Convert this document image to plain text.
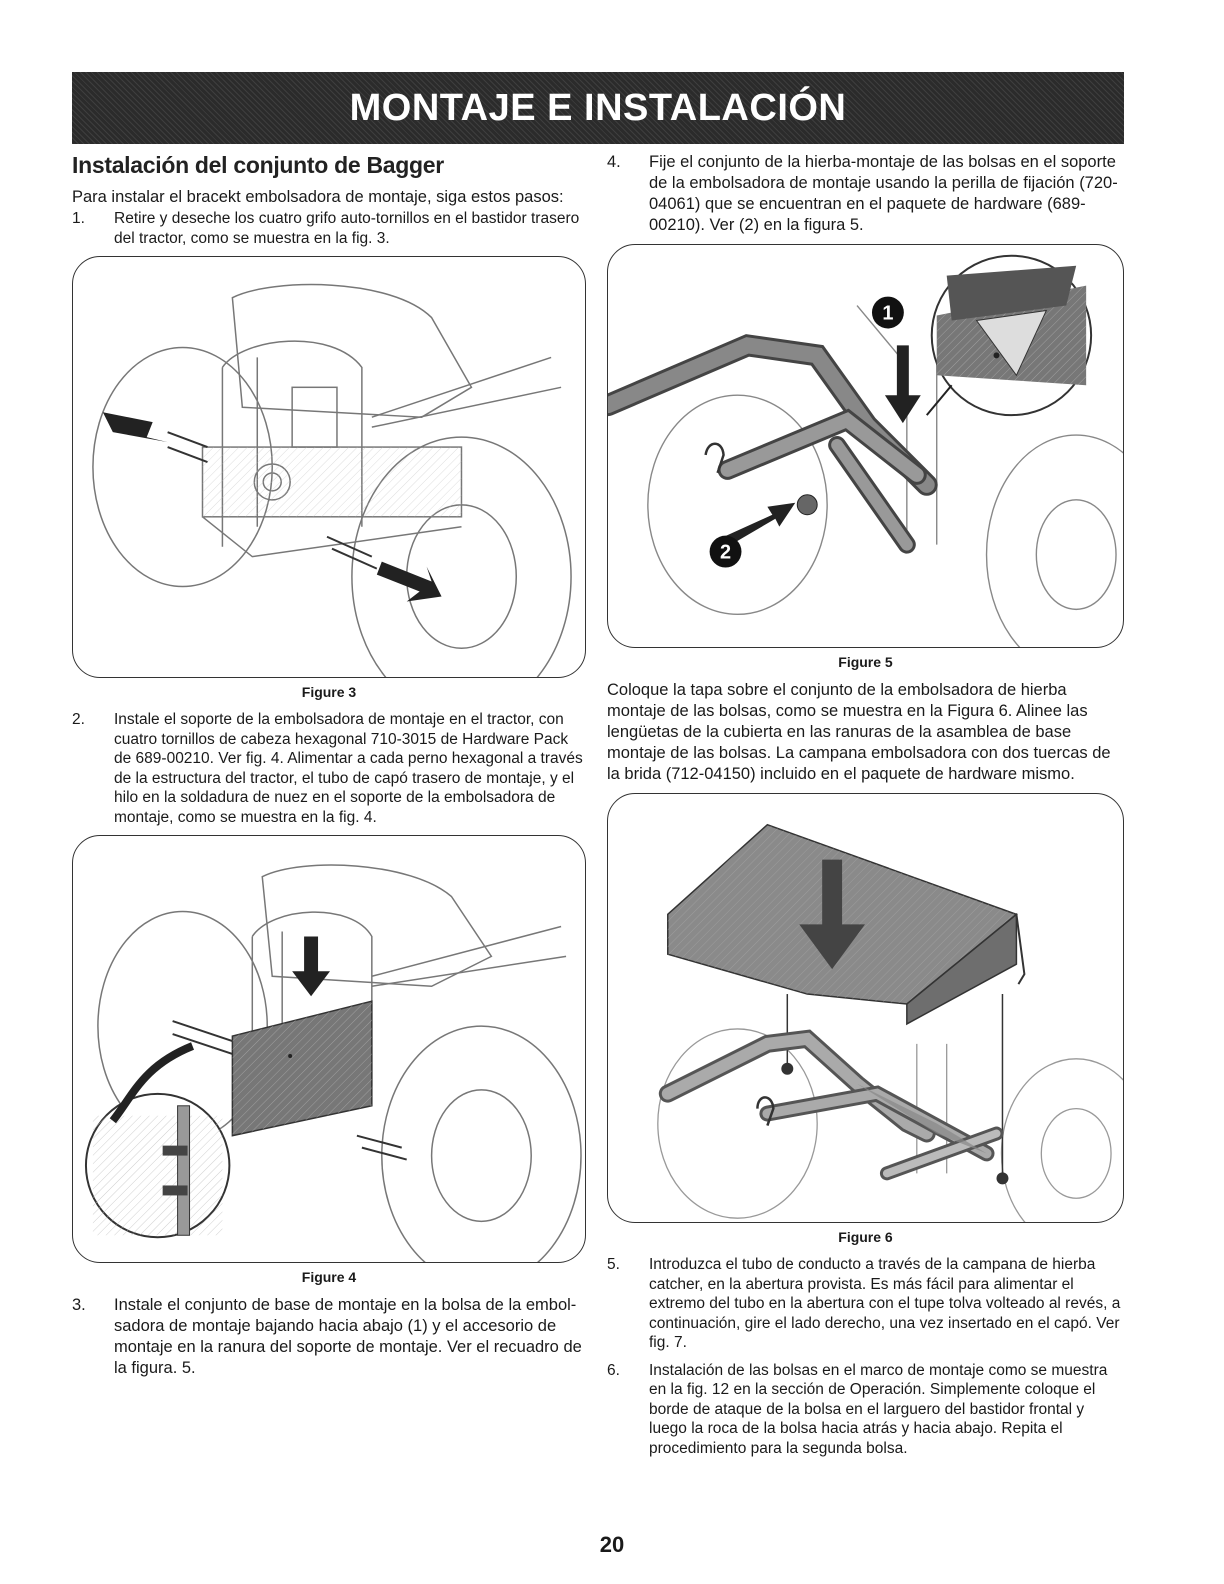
MONTAJE E INSTALACIÓN
Instalación del conjunto de Bagger

Para instalar el bracekt embolsadora de montaje, siga estos pasos:

1.	Retire y deseche los cuatro grifo auto-tornillos en el bastidor trasero del tractor, como se muestra en la fig. 3.
Figure 3
2.	Instale el soporte de la embolsadora de montaje en el tractor, con cuatro tornillos de cabeza hexagonal 710-3015 de Hardware Pack de 689-00210. Ver fig. 4. Alimentar a cada perno hexagonal a través de la estructura del tractor, el tubo de capó trasero de montaje, y el hilo en la soldadura de nuez en el soporte de la embolsadora de montaje, como se muestra en la fig. 4.
Figure 4
3.	Instale el conjunto de base de montaje en la bolsa de la embol-sadora de montaje bajando hacia abajo (1) y el accesorio de montaje en la ranura del soporte de montaje. Ver el recuadro de la figura. 5.
4.	Fije el conjunto de la hierba-montaje de las bolsas en el soporte de la embolsadora de montaje usando la perilla de fijación (720-04061) que se encuentran en el paquete de hardware (689-00210). Ver (2) en la figura 5.
1
2
Figure 5

Coloque la tapa sobre el conjunto de la embolsadora de hierba montaje de las bolsas, como se muestra en la Figura 6. Alinee las lengüetas de la cubierta en las ranuras de la asamblea de base montaje de las bolsas. La campana embolsadora con dos tuercas de la brida (712-04150) incluido en el paquete de hardware mismo.

Figure 6
5.	Introduzca el tubo de conducto a través de la campana de hierba catcher, en la abertura provista. Es más fácil para alimentar el extremo del tubo en la abertura con el tupe tolva volteado al revés, a continuación, gire el lado derecho, una vez insertado en el capó. Ver fig. 7.
6.	Instalación de las bolsas en el marco de montaje como se muestra en la fig. 12 en la sección de Operación. Simplemente coloque el borde de ataque de la bolsa en el larguero del bastidor frontal y luego la roca de la bolsa hacia atrás y hacia abajo. Repita el procedimiento para la segunda bolsa.
20
